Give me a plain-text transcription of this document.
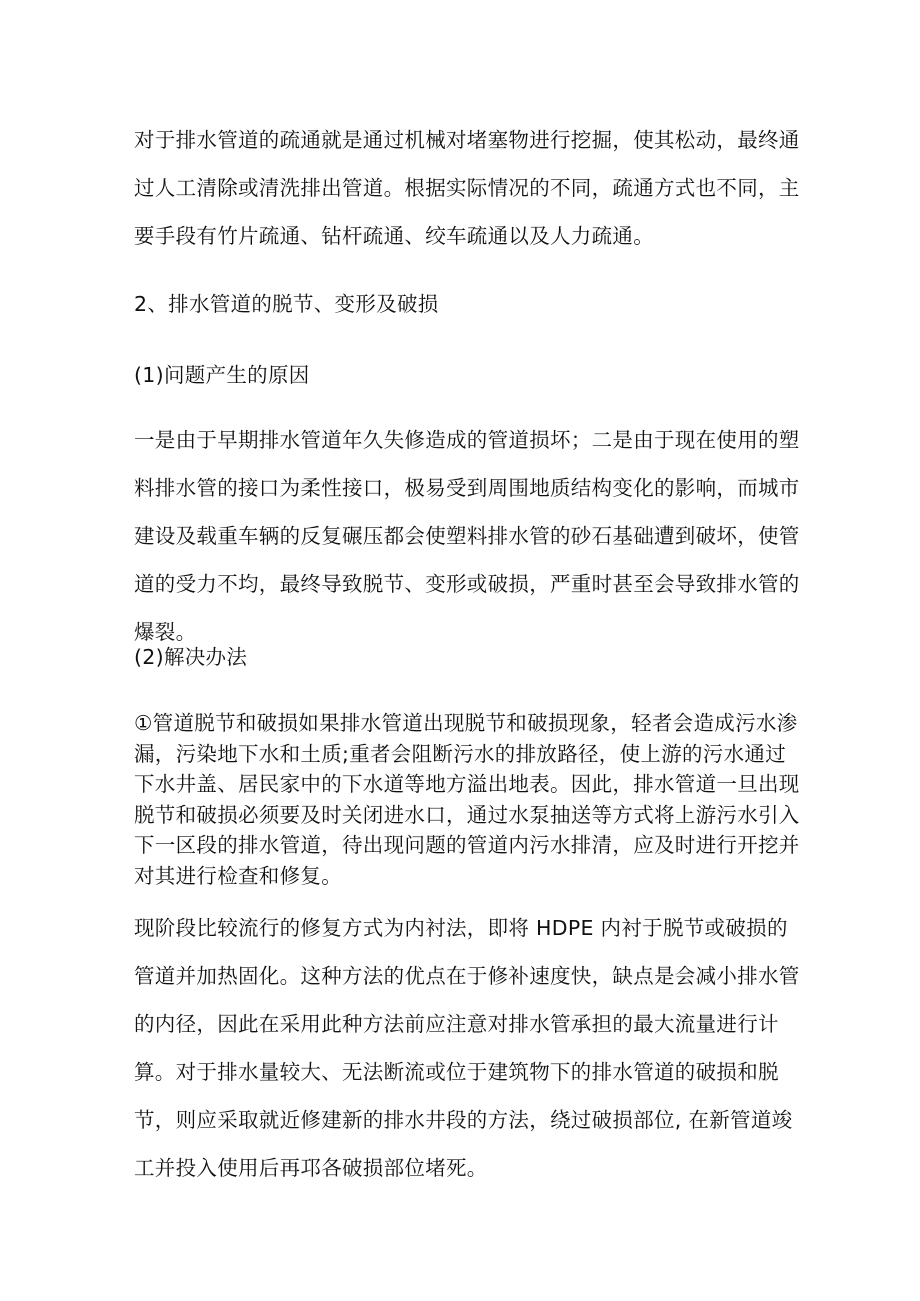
对于排水管道的疏通就是通过机械对堵塞物进行挖掘，使其松动，最终通过人工清除或清洗排出管道。根据实际情况的不同，疏通方式也不同，主要手段有竹片疏通、钻杆疏通、绞车疏通以及人力疏通。

2、排水管道的脱节、变形及破损

(1)问题产生的原因

一是由于早期排水管道年久失修造成的管道损坏；二是由于现在使用的塑料排水管的接口为柔性接口，极易受到周围地质结构变化的影响，而城市建设及载重车辆的反复碾压都会使塑料排水管的砂石基础遭到破坏，使管道的受力不均，最终导致脱节、变形或破损，严重时甚至会导致排水管的爆裂。

(2)解决办法

①管道脱节和破损如果排水管道出现脱节和破损现象，轻者会造成污水渗漏，污染地下水和土质;重者会阻断污水的排放路径，使上游的污水通过下水井盖、居民家中的下水道等地方溢出地表。因此，排水管道一旦出现脱节和破损必须要及时关闭进水口，通过水泵抽送等方式将上游污水引入下一区段的排水管道，待出现问题的管道内污水排清，应及时进行开挖并对其进行检查和修复。

现阶段比较流行的修复方式为内衬法，即将 HDPE 内衬于脱节或破损的管道并加热固化。这种方法的优点在于修补速度快，缺点是会减小排水管的内径，因此在采用此种方法前应注意对排水管承担的最大流量进行计算。对于排水量较大、无法断流或位于建筑物下的排水管道的破损和脱节，则应采取就近修建新的排水井段的方法，绕过破损部位, 在新管道竣工并投入使用后再邛各破损部位堵死。
